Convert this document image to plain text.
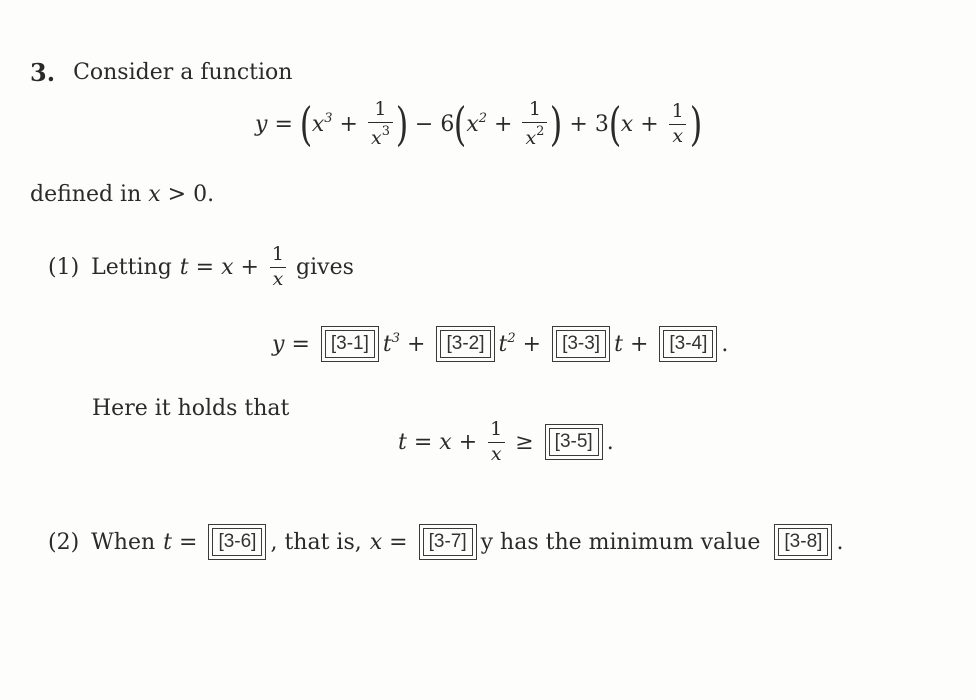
3. Consider a function
y = ( $x^3 + \frac{1}{x^3}$ ) − 6 ( $x^2 + \frac{1}{x^2}$ ) + 3 ( $x + \frac{1}{x}$ )
defined in x > 0.
(1) Letting $t = x + \frac{1}{x}$ gives
y =	[3-1] $t^3$ +	[3-2] $t^2$ +	[3-3] t +	[3-4] .
Here it holds that
$t = x + \frac{1}{x}$ ≥	[3-5] .
(2) When t =	[3-6] , that is, x =	[3-7] y has the minimum value	[3-8] .
